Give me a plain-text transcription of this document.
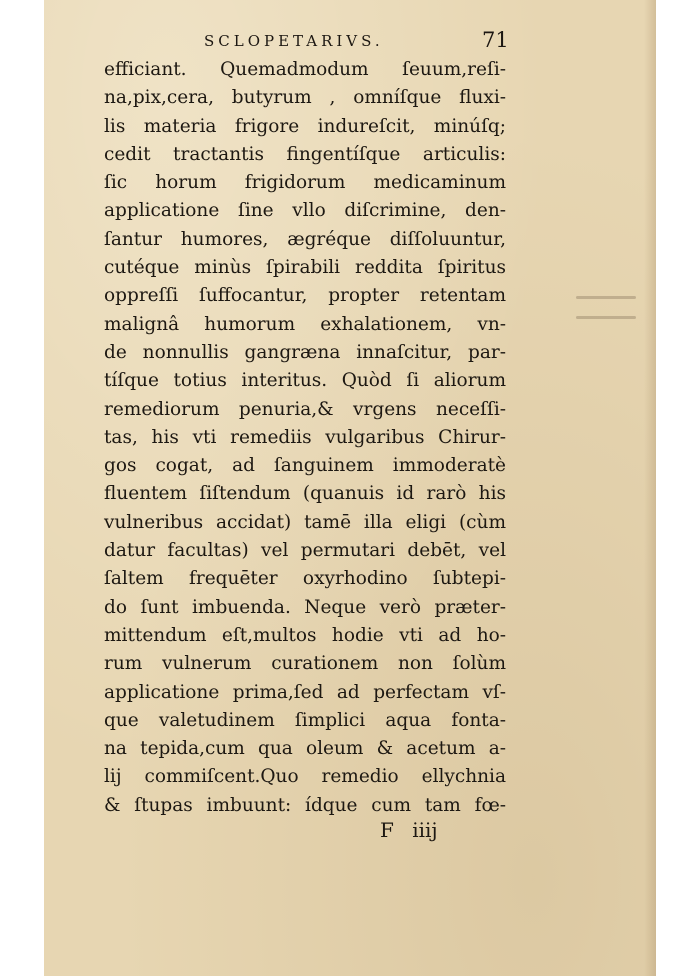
SCLOPETARIVS.	71
efficiant. Quemadmodum ſeuum,reſi-
na,pix,cera, butyrum , omníſque fluxi-
lis materia frigore indureſcit, minúſq;
cedit tractantis fingentíſque articulis:
ſic horum frigidorum medicaminum
applicatione ſine vllo diſcrimine, den-
ſantur humores, ægréque diſſoluuntur,
cutéque minùs ſpirabili reddita ſpiritus
oppreſſi ſuffocantur, propter retentam
malignâ humorum exhalationem, vn-
de nonnullis gangræna innaſcitur, par-
tíſque totius interitus. Quòd ſi aliorum
remediorum penuria,& vrgens neceſſi-
tas, his vti remediis vulgaribus Chirur-
gos cogat, ad ſanguinem immoderatè
fluentem ſiſtendum (quanuis id rarò his
vulneribus accidat) tamē illa eligi (cùm
datur facultas) vel permutari debēt, vel
ſaltem frequēter oxyrhodino ſubtepi-
do ſunt imbuenda. Neque verò præter-
mittendum eſt,multos hodie vti ad ho-
rum vulnerum curationem non ſolùm
applicatione prima,ſed ad perfectam vſ-
que valetudinem ſimplici aqua fonta-
na tepida,cum qua oleum & acetum a-
lij commiſcent.Quo remedio ellychnia
& ſtupas imbuunt: ídque cum tam fœ-
F iiij
